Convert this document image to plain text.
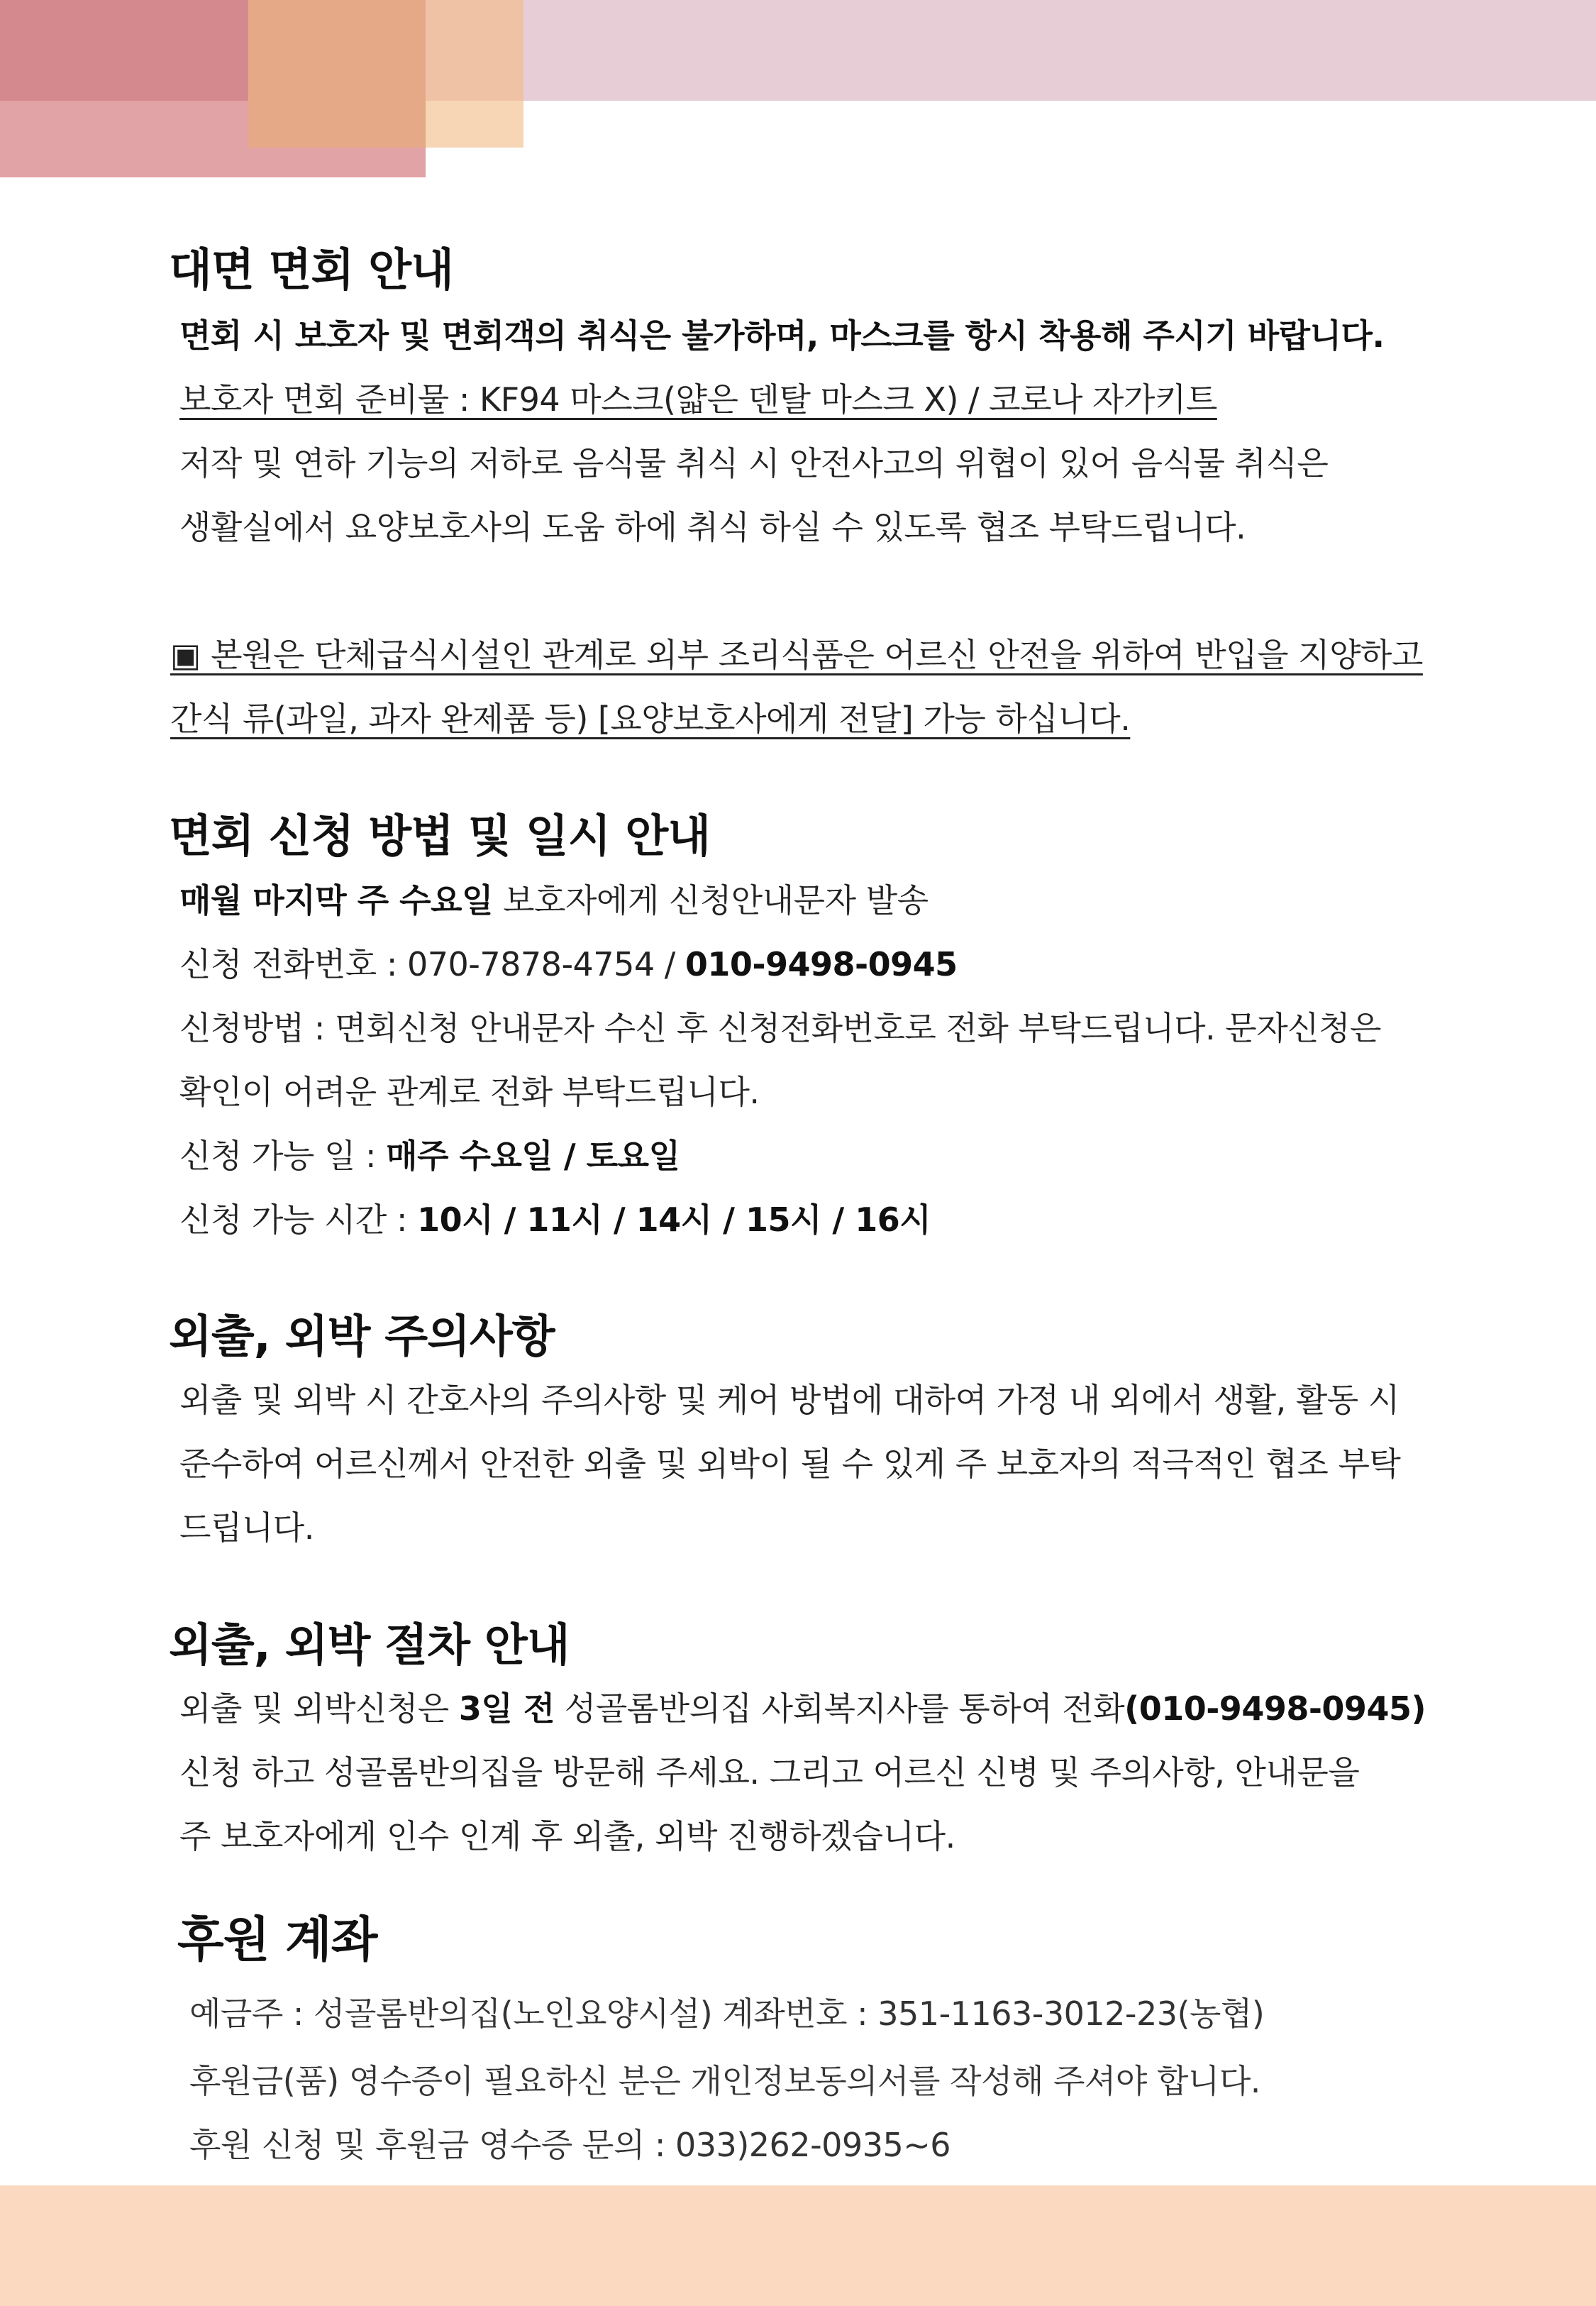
대면 면회 안내

면회 시 보호자 및 면회객의 취식은 불가하며, 마스크를 항시 착용해 주시기 바랍니다.

보호자 면회 준비물 : KF94 마스크(얇은 덴탈 마스크 X) / 코로나 자가키트

저작 및 연하 기능의 저하로 음식물 취식 시 안전사고의 위협이 있어 음식물 취식은

생활실에서 요양보호사의 도움 하에 취식 하실 수 있도록 협조 부탁드립니다.

▣ 본원은 단체급식시설인 관계로 외부 조리식품은 어르신 안전을 위하여 반입을 지양하고

간식 류(과일, 과자 완제품 등) [요양보호사에게 전달] 가능 하십니다.

면회 신청 방법 및 일시 안내

매월 마지막 주 수요일 보호자에게 신청안내문자 발송

신청 전화번호 : 070-7878-4754 / 010-9498-0945

신청방법 : 면회신청 안내문자 수신 후 신청전화번호로 전화 부탁드립니다. 문자신청은

확인이 어려운 관계로 전화 부탁드립니다.

신청 가능 일 : 매주 수요일 / 토요일

신청 가능 시간 : 10시 / 11시 / 14시 / 15시 / 16시

외출, 외박 주의사항

외출 및 외박 시 간호사의 주의사항 및 케어 방법에 대하여 가정 내 외에서 생활, 활동 시

준수하여 어르신께서 안전한 외출 및 외박이 될 수 있게 주 보호자의 적극적인 협조 부탁

드립니다.

외출, 외박 절차 안내

외출 및 외박신청은 3일 전 성골롬반의집 사회복지사를 통하여 전화(010-9498-0945)

신청 하고 성골롬반의집을 방문해 주세요. 그리고 어르신 신병 및 주의사항, 안내문을

주 보호자에게 인수 인계 후 외출, 외박 진행하겠습니다.

후원 계좌

예금주 : 성골롬반의집(노인요양시설) 계좌번호 : 351-1163-3012-23(농협)

후원금(품) 영수증이 필요하신 분은 개인정보동의서를 작성해 주셔야 합니다.

후원 신청 및 후원금 영수증 문의 : 033)262-0935~6
